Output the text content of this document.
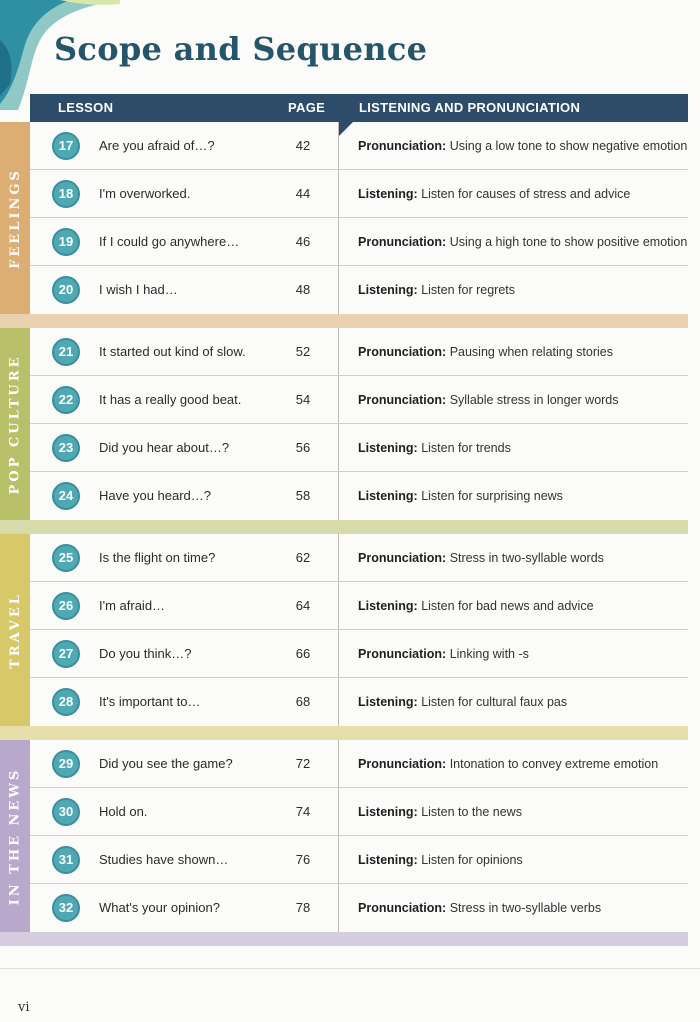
Scope and Sequence
LESSON	PAGE	LISTENING AND PRONUNCIATION
FEELINGS
17	Are you afraid of…?	42	Pronunciation: Using a low tone to show negative emotion
18	I'm overworked.	44	Listening: Listen for causes of stress and advice
19	If I could go anywhere…	46	Pronunciation: Using a high tone to show positive emotion
20	I wish I had…	48	Listening: Listen for regrets
POP CULTURE
21	It started out kind of slow.	52	Pronunciation: Pausing when relating stories
22	It has a really good beat.	54	Pronunciation: Syllable stress in longer words
23	Did you hear about…?	56	Listening: Listen for trends
24	Have you heard…?	58	Listening: Listen for surprising news
TRAVEL
25	Is the flight on time?	62	Pronunciation: Stress in two-syllable words
26	I'm afraid…	64	Listening: Listen for bad news and advice
27	Do you think…?	66	Pronunciation: Linking with -s
28	It's important to…	68	Listening: Listen for cultural faux pas
IN THE NEWS
29	Did you see the game?	72	Pronunciation: Intonation to convey extreme emotion
30	Hold on.	74	Listening: Listen to the news
31	Studies have shown…	76	Listening: Listen for opinions
32	What's your opinion?	78	Pronunciation: Stress in two-syllable verbs
vi
